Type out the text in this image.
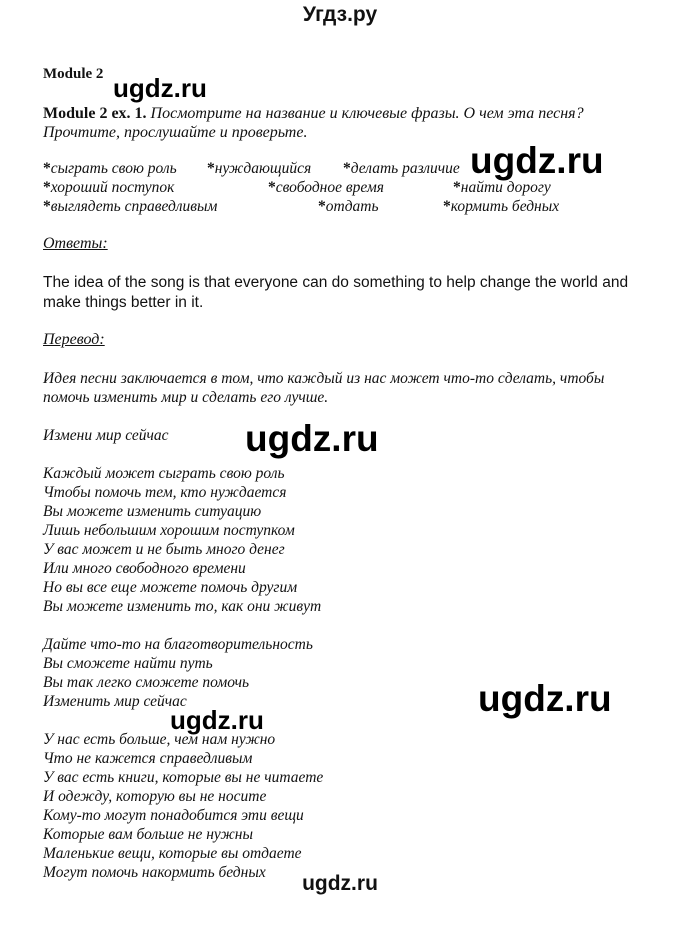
Угдз.ру
ugdz.ru
ugdz.ru
ugdz.ru
ugdz.ru
ugdz.ru
Module 2
Module 2 ex. 1. Посмотрите на название и ключевые фразы. О чем эта песня?
Прочтите, прослушайте и проверьте.
*сыграть свою роль *нуждающийся *делать различие
*хороший поступок	*свободное время	*найти дорогу
*выглядеть справедливым	*отдать	*кормить бедных
Ответы:
The idea of the song is that everyone can do something to help change the world and make things better in it.
Перевод:
Идея песни заключается в том, что каждый из нас может что-то сделать, чтобы
помочь изменить мир и сделать его лучше.
Измени мир сейчас
Каждый может сыграть свою роль
Чтобы помочь тем, кто нуждается
Вы можете изменить ситуацию
Лишь небольшим хорошим поступком
У вас может и не быть много денег
Или много свободного времени
Но вы все еще можете помочь другим
Вы можете изменить то, как они живут
Дайте что-то на благотворительность
Вы сможете найти путь
Вы так легко сможете помочь
Изменить мир сейчас
У нас есть больше, чем нам нужно
Что не кажется справедливым
У вас есть книги, которые вы не читаете
И одежду, которую вы не носите
Кому-то могут понадобится эти вещи
Которые вам больше не нужны
Маленькие вещи, которые вы отдаете
Могут помочь накормить бедных	ugdz.ru
